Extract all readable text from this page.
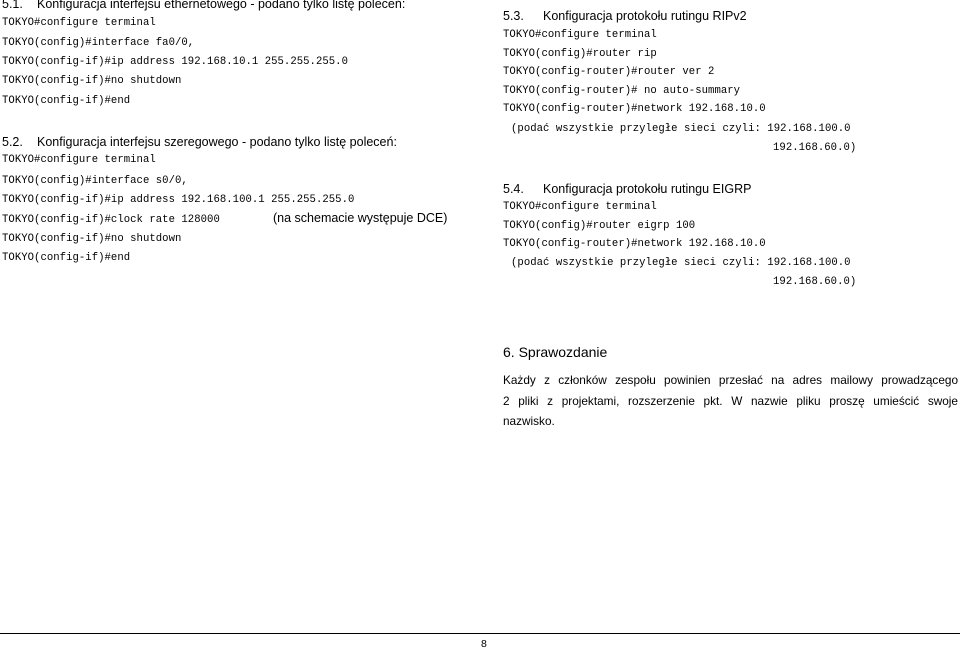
5.1. Konfiguracja interfejsu ethernetowego - podano tylko listę poleceń:
TOKYO#configure terminal
TOKYO(config)#interface fa0/0,
TOKYO(config-if)#ip address 192.168.10.1 255.255.255.0
TOKYO(config-if)#no shutdown
TOKYO(config-if)#end
5.2. Konfiguracja interfejsu szeregowego - podano tylko listę poleceń:
TOKYO#configure terminal
TOKYO(config)#interface s0/0,
TOKYO(config-if)#ip address 192.168.100.1 255.255.255.0
TOKYO(config-if)#clock rate 128000	(na schemacie występuje DCE)
TOKYO(config-if)#no shutdown
TOKYO(config-if)#end
5.3. Konfiguracja protokołu rutingu RIPv2
TOKYO#configure terminal
TOKYO(config)#router rip
TOKYO(config-router)#router ver 2
TOKYO(config-router)# no auto-summary
TOKYO(config-router)#network 192.168.10.0
(podać wszystkie przyległe sieci czyli: 192.168.100.0
192.168.60.0)
5.4. Konfiguracja protokołu rutingu EIGRP
TOKYO#configure terminal
TOKYO(config)#router eigrp 100
TOKYO(config-router)#network 192.168.10.0
(podać wszystkie przyległe sieci czyli: 192.168.100.0
192.168.60.0)
6. Sprawozdanie
Każdy z członków zespołu powinien przesłać na adres mailowy prowadzącego
2 pliki z projektami, rozszerzenie pkt. W nazwie pliku proszę umieścić swoje
nazwisko.
8
